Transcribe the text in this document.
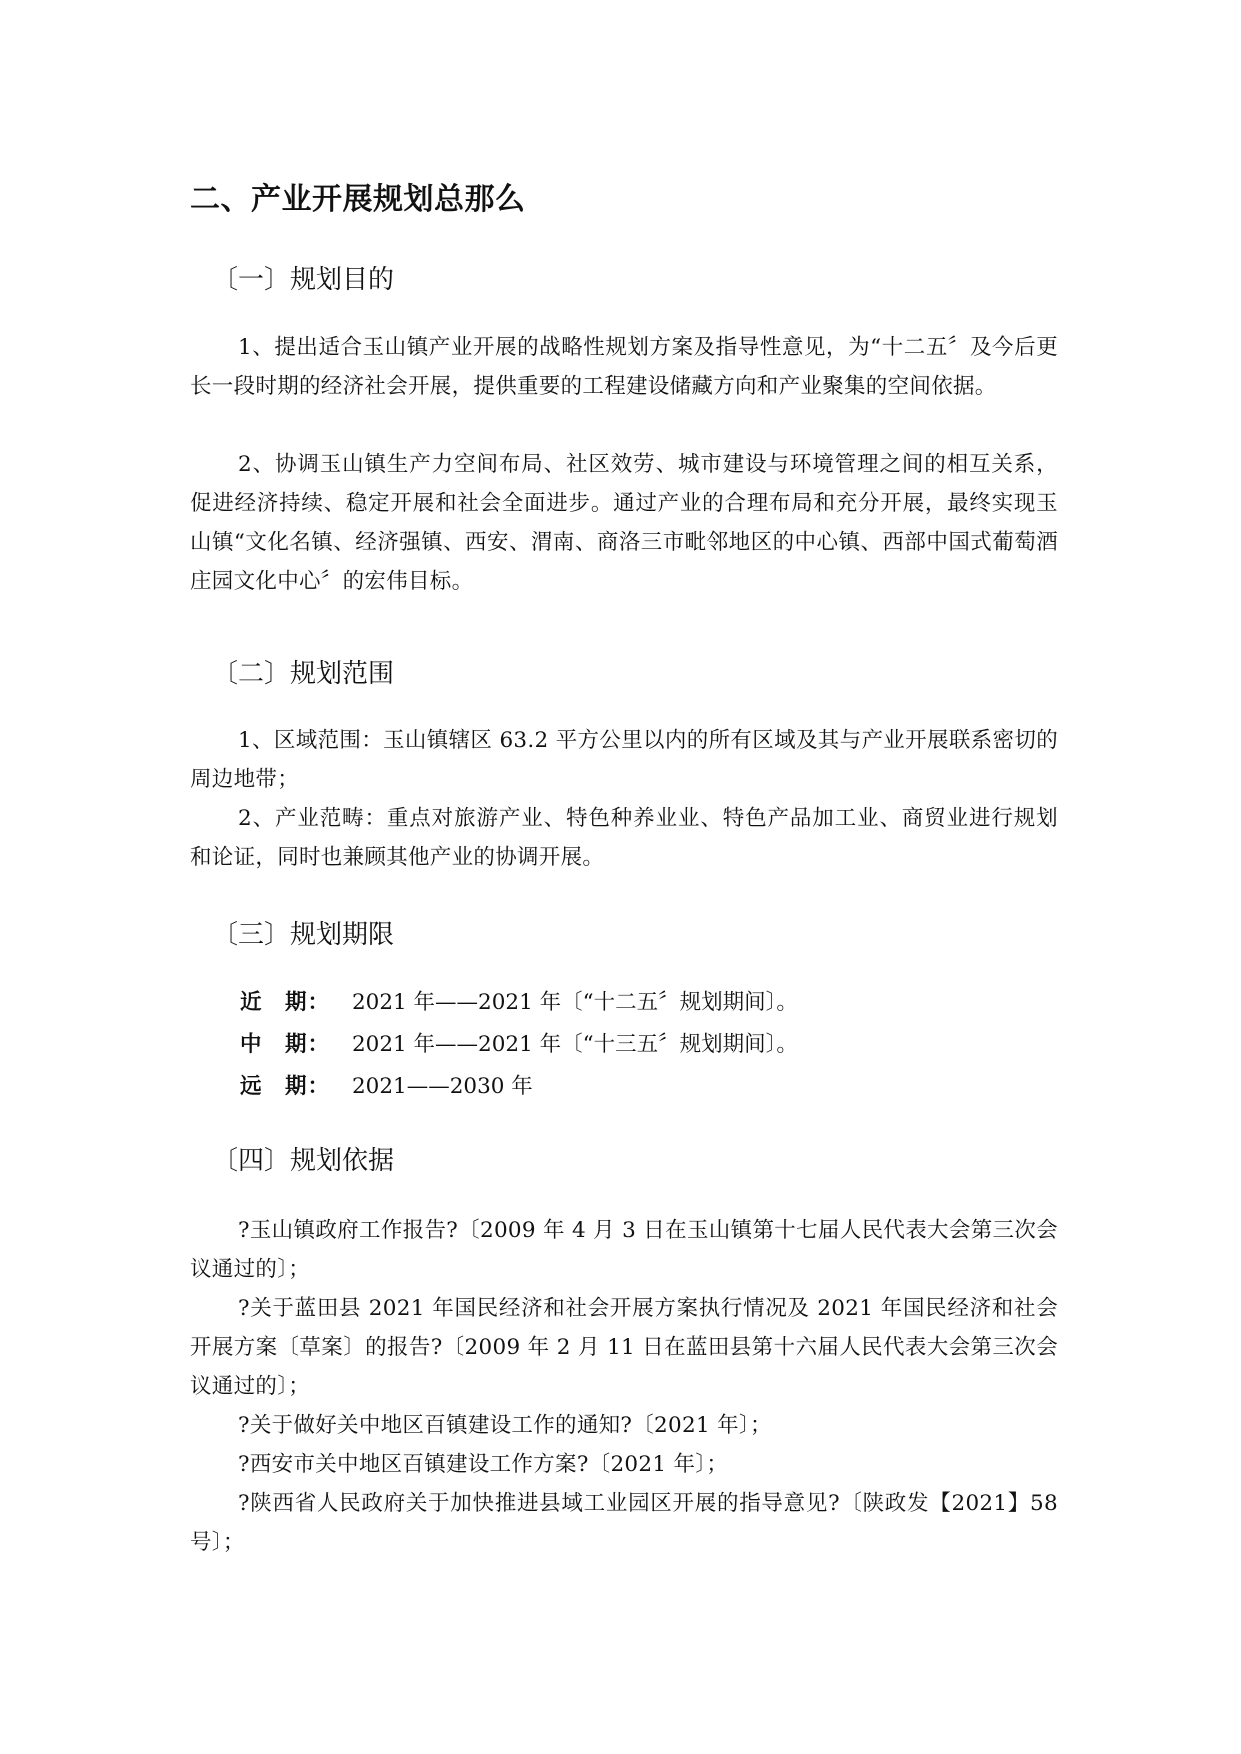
二、产业开展规划总那么
〔一〕规划目的
1、提出适合玉山镇产业开展的战略性规划方案及指导性意见，为“十二五〞及今后更长一段时期的经济社会开展，提供重要的工程建设储藏方向和产业聚集的空间依据。
2、协调玉山镇生产力空间布局、社区效劳、城市建设与环境管理之间的相互关系，促进经济持续、稳定开展和社会全面进步。通过产业的合理布局和充分开展，最终实现玉山镇“文化名镇、经济强镇、西安、渭南、商洛三市毗邻地区的中心镇、西部中国式葡萄酒庄园文化中心〞的宏伟目标。
〔二〕规划范围
1、区域范围：玉山镇辖区 63.2 平方公里以内的所有区域及其与产业开展联系密切的周边地带；
2、产业范畴：重点对旅游产业、特色种养业业、特色产品加工业、商贸业进行规划和论证，同时也兼顾其他产业的协调开展。
〔三〕规划期限
近　期： 2021 年——2021 年〔“十二五〞规划期间〕。
中　期： 2021 年——2021 年〔“十三五〞规划期间〕。
远　期： 2021——2030 年
〔四〕规划依据
?玉山镇政府工作报告?〔2009 年 4 月 3 日在玉山镇第十七届人民代表大会第三次会议通过的〕；
?关于蓝田县 2021 年国民经济和社会开展方案执行情况及 2021 年国民经济和社会开展方案〔草案〕的报告?〔2009 年 2 月 11 日在蓝田县第十六届人民代表大会第三次会议通过的〕；
?关于做好关中地区百镇建设工作的通知?〔2021 年〕；
?西安市关中地区百镇建设工作方案?〔2021 年〕；
?陕西省人民政府关于加快推进县域工业园区开展的指导意见?〔陕政发【2021】58 号〕；
